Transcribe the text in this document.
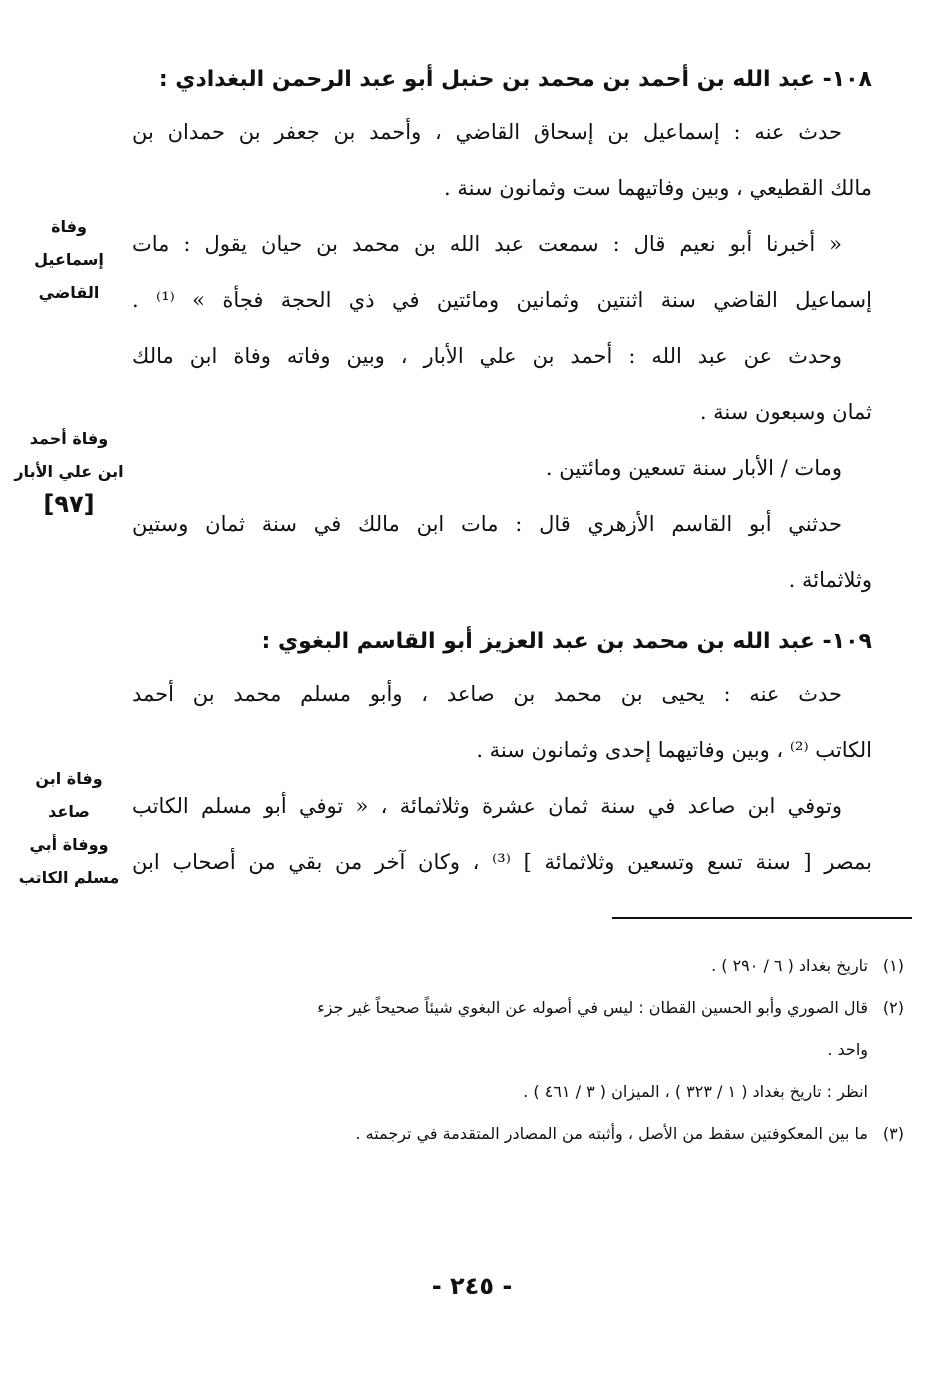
١٠٨- عبد الله بن أحمد بن محمد بن حنبل أبو عبد الرحمن البغدادي :
حدث عنه : إسماعيل بن إسحاق القاضي ، وأحمد بن جعفر بن حمدان بن
مالك القطيعي ، وبين وفاتيهما ست وثمانون سنة .
« أخبرنا أبو نعيم قال : سمعت عبد الله بن محمد بن حيان يقول : مات
إسماعيل القاضي سنة اثنتين وثمانين ومائتين في ذي الحجة فجأة » ⁽¹⁾ .
وحدث عن عبد الله : أحمد بن علي الأبار ، وبين وفاته وفاة ابن مالك
ثمان وسبعون سنة .
ومات / الأبار سنة تسعين ومائتين .
حدثني أبو القاسم الأزهري قال : مات ابن مالك في سنة ثمان وستين
وثلاثمائة .
١٠٩- عبد الله بن محمد بن عبد العزيز أبو القاسم البغوي :
حدث عنه : يحيى بن محمد بن صاعد ، وأبو مسلم محمد بن أحمد
الكاتب ⁽²⁾ ، وبين وفاتيهما إحدى وثمانون سنة .
وتوفي ابن صاعد في سنة ثمان عشرة وثلاثمائة ، « توفي أبو مسلم الكاتب
بمصر [ سنة تسع وتسعين وثلاثمائة ] ⁽³⁾ ، وكان آخر من بقي من أصحاب ابن
وفاة
إسماعيل
القاضي
وفاة أحمد
ابن علي الأبار
[٩٧]
وفاة ابن
صاعد
ووفاة أبي
مسلم الكاتب
(١)
تاريخ بغداد ( ٦ / ٢٩٠ ) .
(٢)
قال الصوري وأبو الحسين القطان : ليس في أصوله عن البغوي شيئاً صحيحاً غير جزء
واحد .
انظر : تاريخ بغداد ( ١ / ٣٢٣ ) ، الميزان ( ٣ / ٤٦١ ) .
(٣)
ما بين المعكوفتين سقط من الأصل ، وأثبته من المصادر المتقدمة في ترجمته .
- ٢٤٥ -
